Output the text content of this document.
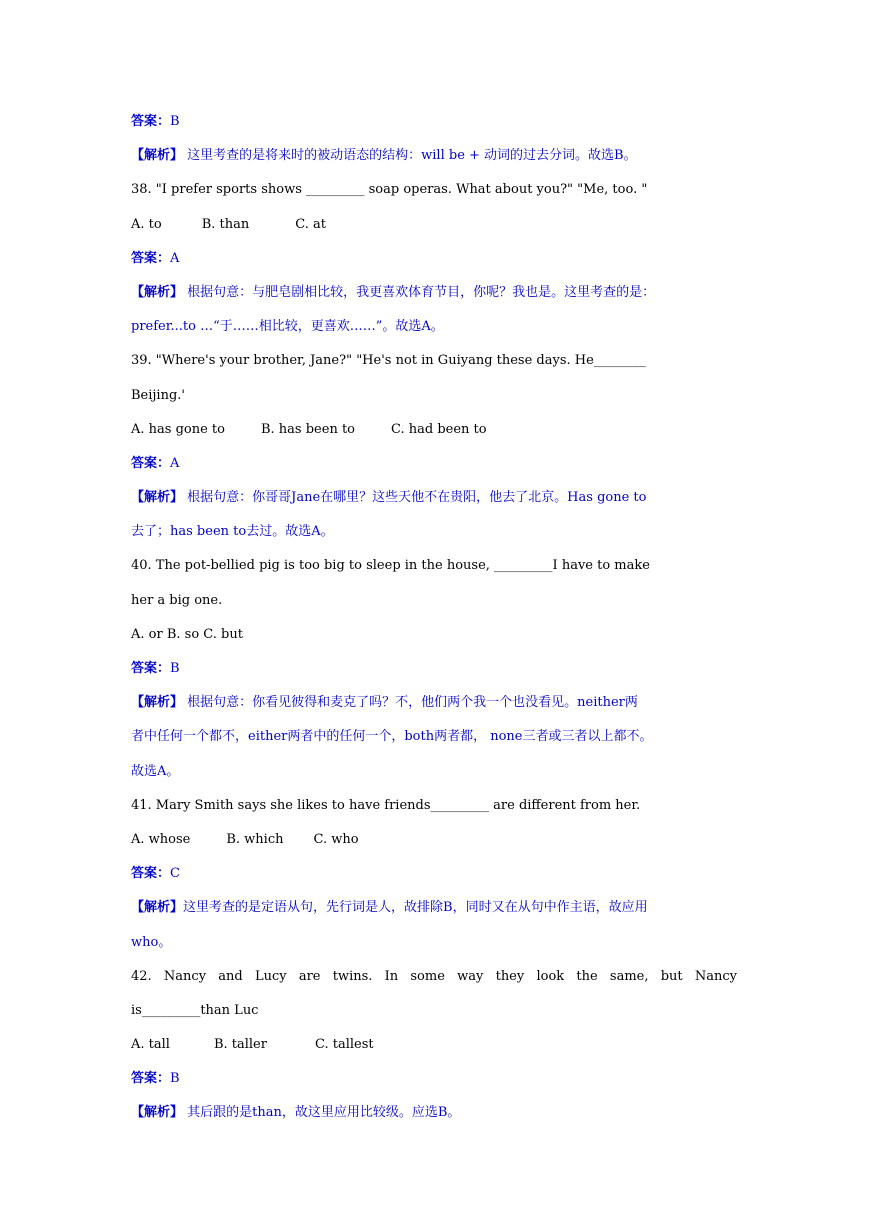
答案：B
【解析】 这里考查的是将来时的被动语态的结构：will be + 动词的过去分词。故选B。
38. "I prefer sports shows _________ soap operas. What about you?" "Me, too. "
A. to	B. than	C. at
答案：A
【解析】 根据句意：与肥皂剧相比较，我更喜欢体育节目，你呢？我也是。这里考查的是：
prefer...to …“于……相比较，更喜欢……”。故选A。
39. "Where's your brother, Jane?" "He's not in Guiyang these days. He________
Beijing.'
A. has gone to	B. has been to	C. had been to
答案：A
【解析】 根据句意：你哥哥Jane在哪里？这些天他不在贵阳，他去了北京。Has gone to
去了；has been to去过。故选A。
40. The pot-bellied pig is too big to sleep in the house, _________I have to make
her a big one.
A. or B. so C. but
答案：B
【解析】 根据句意：你看见彼得和麦克了吗？不，他们两个我一个也没看见。neither两
者中任何一个都不，either两者中的任何一个，both两者都， none三者或三者以上都不。
故选A。
41. Mary Smith says she likes to have friends_________ are different from her.
A. whose	B. which C. who
答案：C
【解析】这里考查的是定语从句，先行词是人，故排除B，同时又在从句中作主语，故应用
who。
42. Nancy and Lucy are twins. In some way they look the same, but Nancy
is_________than Luc
A. tall	B. taller	C. tallest
答案：B
【解析】 其后跟的是than，故这里应用比较级。应选B。
